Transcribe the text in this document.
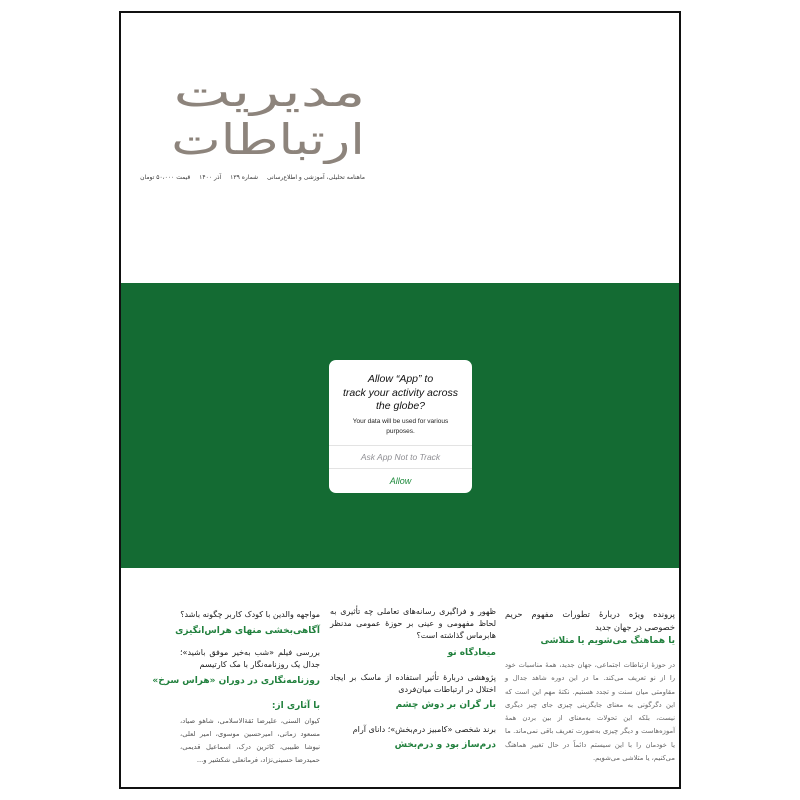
مدیریت
ارتباطات
ماهنامه تحلیلی، آموزشی و اطلاع‌رسانی شماره ۱۳۹ آذر ۱۴۰۰ قیمت ۵۰،۰۰۰ تومان
Allow “App” to
track your activity across
the globe?
Your data will be used for various purposes.
Ask App Not to Track
Allow
پرونده ویژه دربارهٔ تطورات مفهوم حریم خصوصی در جهان جدید
یا هماهنگ می‌شویم یا متلاشی
در حوزهٔ ارتباطات اجتماعی، جهان جدید، همهٔ مناسبات خود را از نو تعریف می‌کند. ما در این دوره شاهد جدال و مقاومتی میان سنت و تجدد هستیم. نکتهٔ مهم این است که این دگرگونی به معنای جایگزینی چیزی جای چیز دیگری نیست، بلکه این تحولات به‌معنای از بین بردن همهٔ آموزه‌هاست و دیگر چیزی به‌صورت تعریف باقی نمی‌ماند. ما یا خودمان را با این سیستم دائماً در حال تغییر هماهنگ می‌کنیم، یا متلاشی می‌شویم.
ظهور و فراگیری رسانه‌های تعاملی چه تأثیری به لحاظ مفهومی و عینی بر حوزهٔ عمومی مدنظر هابرماس گذاشته است؟
میعادگاه نو
پژوهشی دربارهٔ تأثیر استفاده از ماسک بر ایجاد اختلال در ارتباطات میان‌فردی
بار گران بر دوش چشم
برند شخصی «کامبیز درم‌بخش»؛ دانای آرام
درم‌ساز بود و درم‌بخش
مواجهه والدین با کودک کاربر چگونه باشد؟
آگاهی‌بخشی منهای هراس‌انگیزی
بررسی فیلم «شب به‌خیر موفق باشید»؛ جدال یک روزنامه‌نگار با مک کارتیسم
روزنامه‌نگاری در دوران «هراس سرخ»
با آثاری از:
کیوان السنی، علیرضا ثقةالاسلامی، شاهو صیاد، مسعود زمانی، امیرحسین موسوی، امیر لعلی، نیوشا طبیبی، کاترین درک، اسماعیل قدیمی، حمیدرضا حسینی‌نژاد، فرمانعلی شکشیر و...
